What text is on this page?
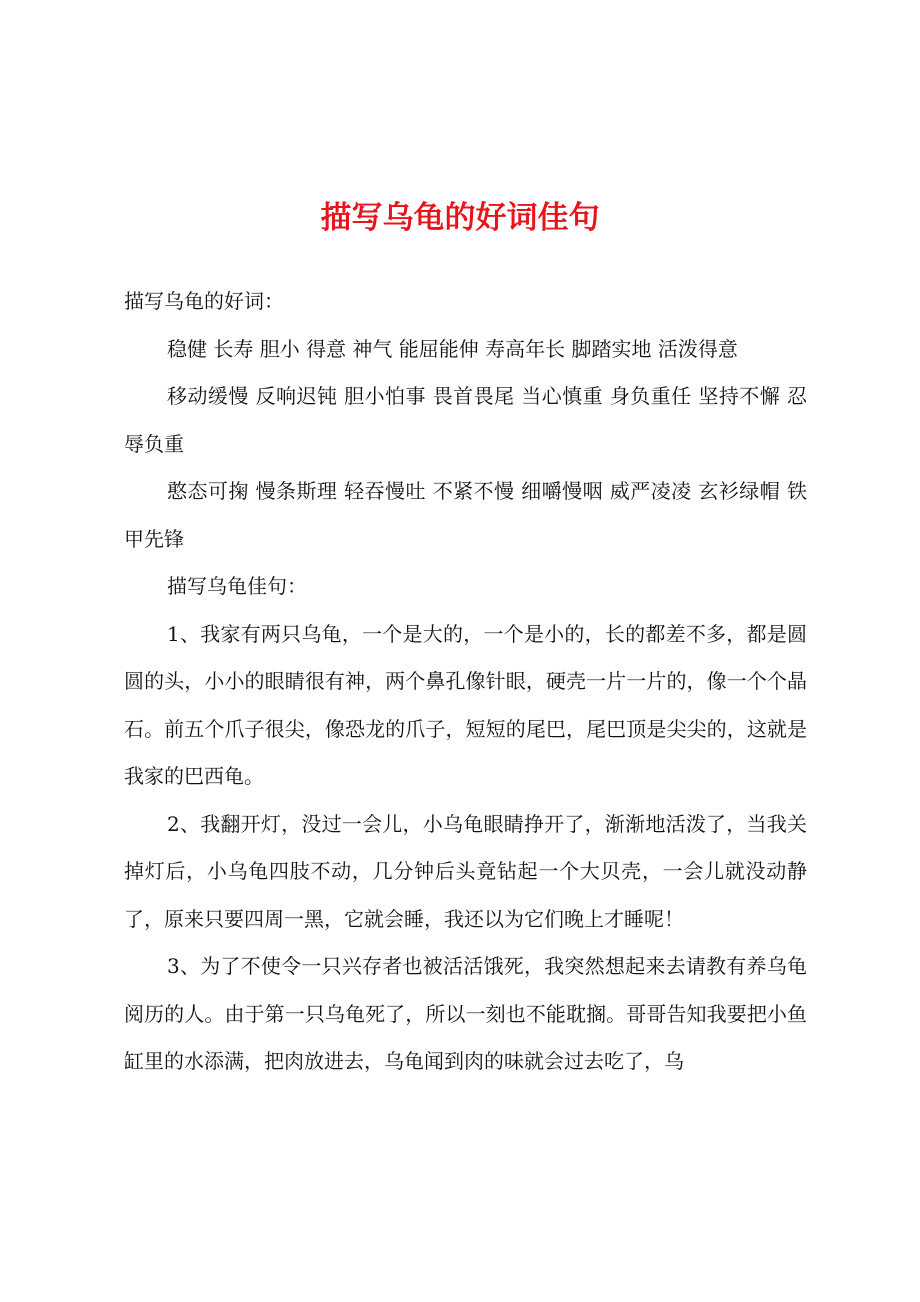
描写乌龟的好词佳句

描写乌龟的好词：

稳健 长寿 胆小 得意 神气 能屈能伸 寿高年长 脚踏实地 活泼得意

移动缓慢 反响迟钝 胆小怕事 畏首畏尾 当心慎重 身负重任 坚持不懈 忍辱负重

憨态可掬 慢条斯理 轻吞慢吐 不紧不慢 细嚼慢咽 威严凌凌 玄衫绿帽 铁甲先锋

描写乌龟佳句：

1、我家有两只乌龟，一个是大的，一个是小的，长的都差不多，都是圆圆的头，小小的眼睛很有神，两个鼻孔像针眼，硬壳一片一片的，像一个个晶石。前五个爪子很尖，像恐龙的爪子，短短的尾巴，尾巴顶是尖尖的，这就是我家的巴西龟。

2、我翻开灯，没过一会儿，小乌龟眼睛挣开了，渐渐地活泼了，当我关掉灯后，小乌龟四肢不动，几分钟后头竟钻起一个大贝壳，一会儿就没动静了，原来只要四周一黑，它就会睡，我还以为它们晚上才睡呢！

3、为了不使令一只兴存者也被活活饿死，我突然想起来去请教有养乌龟阅历的人。由于第一只乌龟死了，所以一刻也不能耽搁。哥哥告知我要把小鱼缸里的水添满，把肉放进去，乌龟闻到肉的味就会过去吃了，乌
